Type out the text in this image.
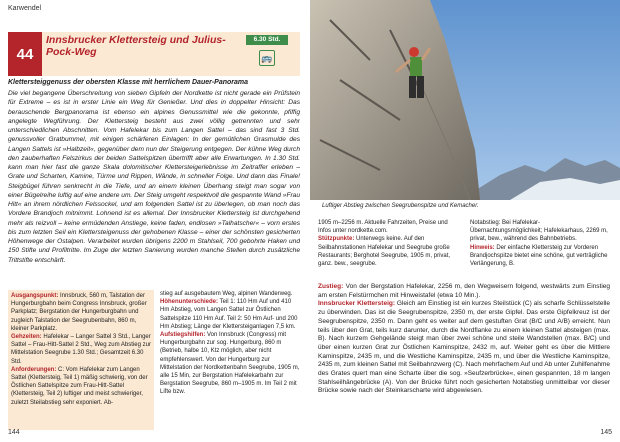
Karwendel
44
Innsbrucker Klettersteig und Julius-Pock-Weg
6.30 Std.
🚌
Klettersteiggenuss der obersten Klasse mit herrlichem Dauer-Panorama
Die viel begangene Überschreitung von sieben Gipfeln der Nordkette ist nicht gerade ein Prüfstein für Extreme – es ist in erster Linie ein Weg für Genießer. Und dies in doppelter Hinsicht: Das berauschende Bergpanorama ist ebenso ein alpines Genussmittel wie die gekonnte, pfiffig angelegte Wegführung. Der Klettersteig besteht aus zwei völlig getrennten und sehr unterschiedlichen Abschnitten. Vom Hafelekar bis zum Langen Sattel – das sind fast 3 Std. genussvoller Gratbummel, mit einigen schärferen Einlagen: In der gemütlichen Grasmulde des Langen Sattels ist »Halbzeit«, gegenüber dem nun der Steigerung entgegen. Der kühne Weg durch den zauberhaften Felszirkus der beiden Sattelspitzen übertrifft aber alle Erwartungen. In 1.30 Std. kann man hier fast die ganze Skala dolomitischer Klettersteigerlebnisse im Zeitraffer erleben – Grate und Scharten, Kamine, Türme und Rippen, Wände, in schneller Folge. Und dann das Finale! Steigbügel führen senkrecht in die Tiefe, und an einem kleinen Überhang steigt man sogar von einer Bügelreihe luftig auf eine andere um. Der Steig umgeht respektvoll die gespannte Wand »Frau Hitt« an ihrem nördlichen Felssockel, und am folgenden Sattel ist zu überlegen, ob man noch das Vordere Brandjoch mitnimmt. Lohnend ist es allemal. Der Innsbrucker Klettersteig ist durchgehend mehr als reizvoll – keine ermüdenden Anstiege, keine faden, endlosen »Talhatscher« – vorn erstes bis zum letzten Seil ein Klettersteigenuss der gehobenen Klasse – einer der schönsten gesicherten Höhenwege der Ostalpen. Verarbeitet wurden übrigens 2200 m Stahlseil, 700 gebohrte Haken und 150 Stifte und Profiltritte. Im Zuge der letzten Sanierung wurden manche Stellen durch zusätzliche Trittstifte entschärft.
Ausgangspunkt: Innsbruck, 560 m, Talstation der Hungerburgbahn beim Congress Innsbruck, großer Parkplatz; Bergstation der Hungerburgbahn und zugleich Talstation der Seegrubenbahn, 860 m, kleiner Parkplatz.
Gehzeiten: Hafelekar – Langer Sattel 3 Std., Langer Sattel – Frau-Hitt-Sattel 2 Std., Weg zum Abstieg zur Mittelstation Seegrube 1.30 Std.; Gesamtzeit 6.30 Std.
Anforderungen: C: Vom Hafelekar zum Langen Sattel (Klettersteig, Teil 1) mäßig schwierig, von der Östlichen Sattelspitze zum Frau-Hitt-Sattel (Klettersteig, Teil 2) luftiger und meist schwieriger, zuletzt Steilabstieg sehr exponiert. Ab-
stieg auf ausgebautem Weg, alpinen Wanderweg.
Höhenunterschiede: Teil 1: 110 Hm Auf und 410 Hm Abstieg, vom Langen Sattel zur Östlichen Sattelspitze 110 Hm Auf. Teil 2: 50 Hm Auf- und 200 Hm Abstieg; Länge der Klettersteiganlagen 7,5 km.
Aufstiegshilfen: Von Innsbruck (Congress) mit Hungerburgbahn zur sog. Hungerburg, 860 m (Betrieb, halbe 10, Ktz möglich, aber nicht empfehlenswert. Von der Hungerburg zur Mittelstation der Nordkettenbahn Seegrube, 1905 m, alle 15 Min, zur Bergstation Hafelekarbahn zur Bergstation Seegrube, 860 m–1905 m. Im Teil 2 mit Lifte bzw.
144
Luftiger Abstieg zwischen Seegrubenspitze und Kemacher.
1905 m–2256 m. Aktuelle Fahrzeiten, Preise und Infos unter nordkette.com.
Stützpunkte: Unterwegs keine. Auf den Seilbahnstationen Hafelekar und Seegrube große Restaurants; Berghotel Seegrube, 1905 m, privat, ganz. bew., seegrube.
Notabstieg: Bei Hafelekar-Übernachtungsmöglichkeit; Hafelekarhaus, 2269 m, privat, bew., während des Bahnbetriebs.
Hinweis: Der einfache Klettersteig zur Vorderen Brandjochspitze bietet eine schöne, gut verträgliche Verlängerung, B.
Zustieg: Von der Bergstation Hafelekar, 2256 m, den Wegweisern folgend, westwärts zum Einstieg am ersten Felstürmchen mit Hinweistafel (etwa 10 Min.).
Innsbrucker Klettersteig: Gleich am Einstieg ist ein kurzes Steilstück (C) als scharfe Schlüsselstelle zu überwinden. Das ist die Seegrubenspitze, 2350 m, der erste Gipfel. Das erste Gipfelkreuz ist der Seegrubenspitze, 2350 m. Dann geht es weiter auf dem gestuften Grat (B/C und A/B) erreicht. Nun teils über den Grat, teils kurz darunter, durch die Nordflanke zu einem kleinen Sattel absteigen (max. B). Nach kurzem Gehgelände steigt man über zwei schöne und steile Wandstellen (max. B/C) und über einen kurzen Grat zur Östlichen Kaminspitze, 2432 m, auf. Weiter geht es über die Mittlere Kaminspitze, 2435 m, und die Westliche Kaminspitze, 2435 m, und über die Westliche Kaminspitze, 2435 m, zum kleinen Sattel mit Seilbahnzwerg (C). Nach mehrfachem Auf und Ab unter Zuhilfenahme des Grates quert man eine Scharte über die sog. »Seufzerbrücke«, einen gespannten, 18 m langen Stahlseilhängebrücke (A). Von der Brücke führt noch gesicherten Notabstieg unmittelbar vor dieser Brücke sowie nach der Steinkarscharte wird abgewiesen.
145
